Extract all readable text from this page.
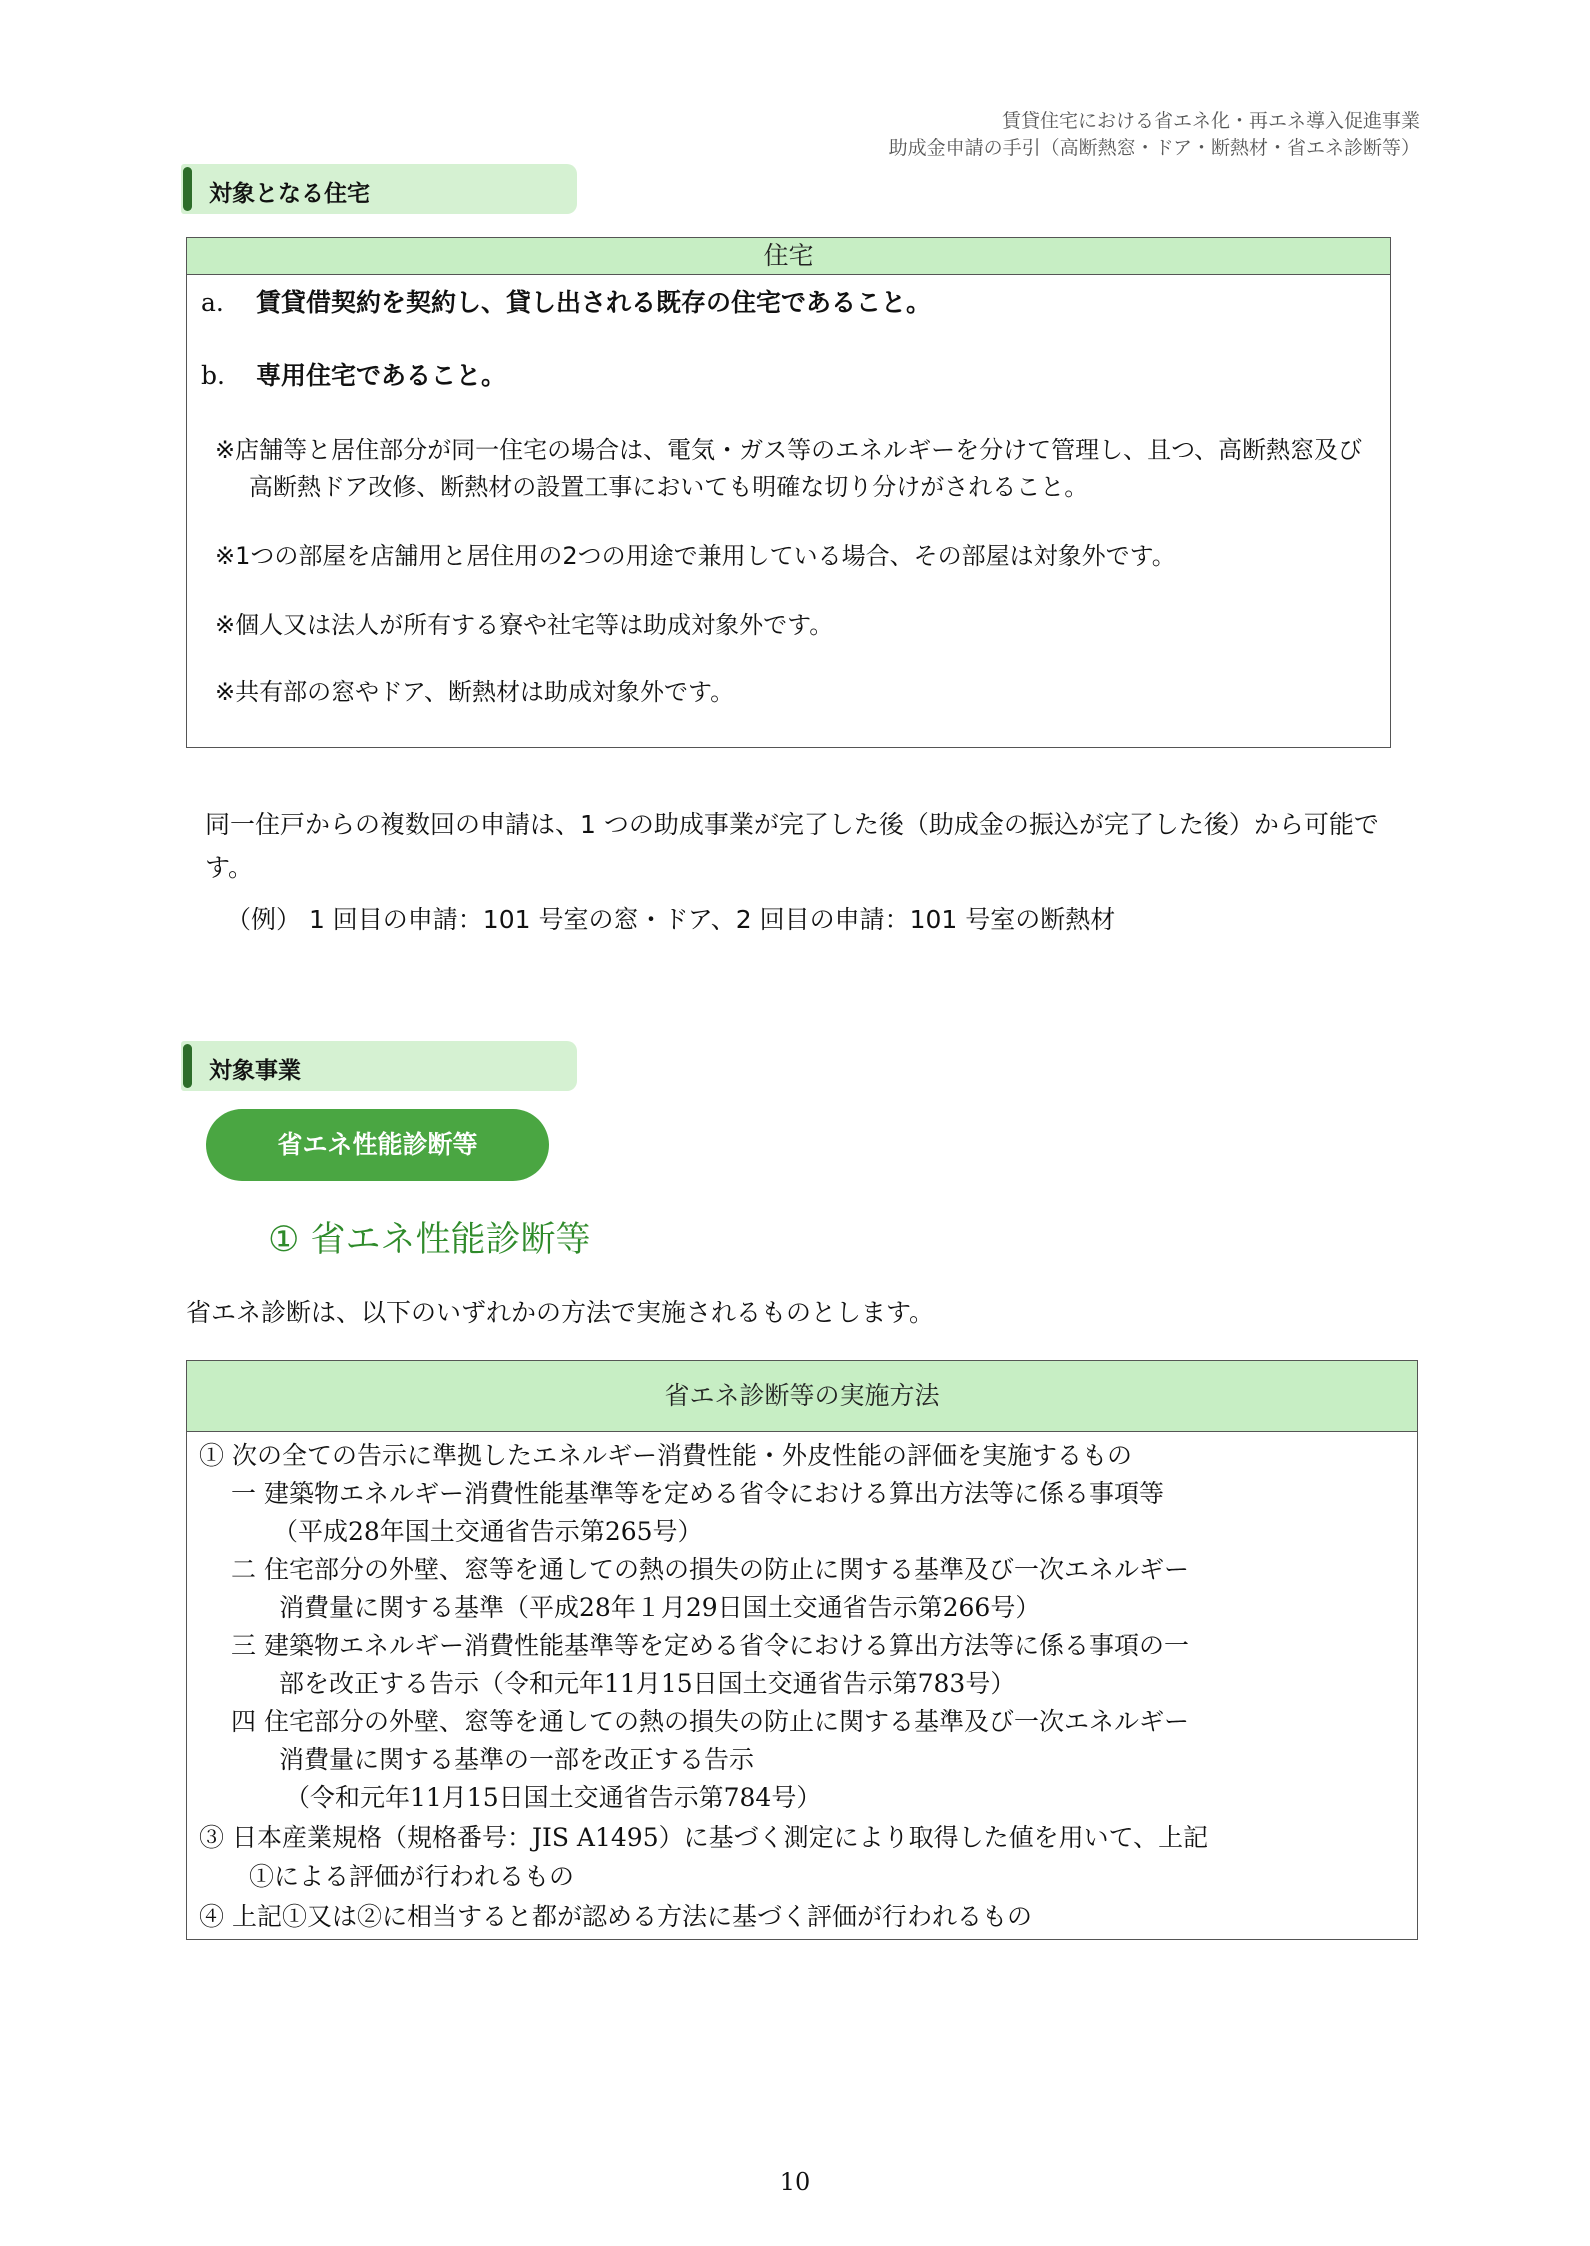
賃貸住宅における省エネ化・再エネ導入促進事業
助成金申請の手引（高断熱窓・ドア・断熱材・省エネ診断等）
対象となる住宅
住宅
a. 賃貸借契約を契約し、貸し出される既存の住宅であること。
b. 専用住宅であること。
※店舗等と居住部分が同一住宅の場合は、電気・ガス等のエネルギーを分けて管理し、且つ、高断熱窓及び高断熱ドア改修、断熱材の設置工事においても明確な切り分けがされること。
※1つの部屋を店舗用と居住用の2つの用途で兼用している場合、その部屋は対象外です。
※個人又は法人が所有する寮や社宅等は助成対象外です。
※共有部の窓やドア、断熱材は助成対象外です。
同一住戸からの複数回の申請は、1 つの助成事業が完了した後（助成金の振込が完了した後）から可能です。
（例） 1 回目の申請：101 号室の窓・ドア、2 回目の申請：101 号室の断熱材
対象事業
省エネ性能診断等
① 省エネ性能診断等
省エネ診断は、以下のいずれかの方法で実施されるものとします。
省エネ診断等の実施方法
① 次の全ての告示に準拠したエネルギー消費性能・外皮性能の評価を実施するもの
一 建築物エネルギー消費性能基準等を定める省令における算出方法等に係る事項等
（平成28年国土交通省告示第265号）
二 住宅部分の外壁、窓等を通しての熱の損失の防止に関する基準及び一次エネルギー
消費量に関する基準（平成28年１月29日国土交通省告示第266号）
三 建築物エネルギー消費性能基準等を定める省令における算出方法等に係る事項の一
部を改正する告示（令和元年11月15日国土交通省告示第783号）
四 住宅部分の外壁、窓等を通しての熱の損失の防止に関する基準及び一次エネルギー
消費量に関する基準の一部を改正する告示
（令和元年11月15日国土交通省告示第784号）
③ 日本産業規格（規格番号：JIS A1495）に基づく測定により取得した値を用いて、上記
①による評価が行われるもの
④ 上記①又は②に相当すると都が認める方法に基づく評価が行われるもの
10
